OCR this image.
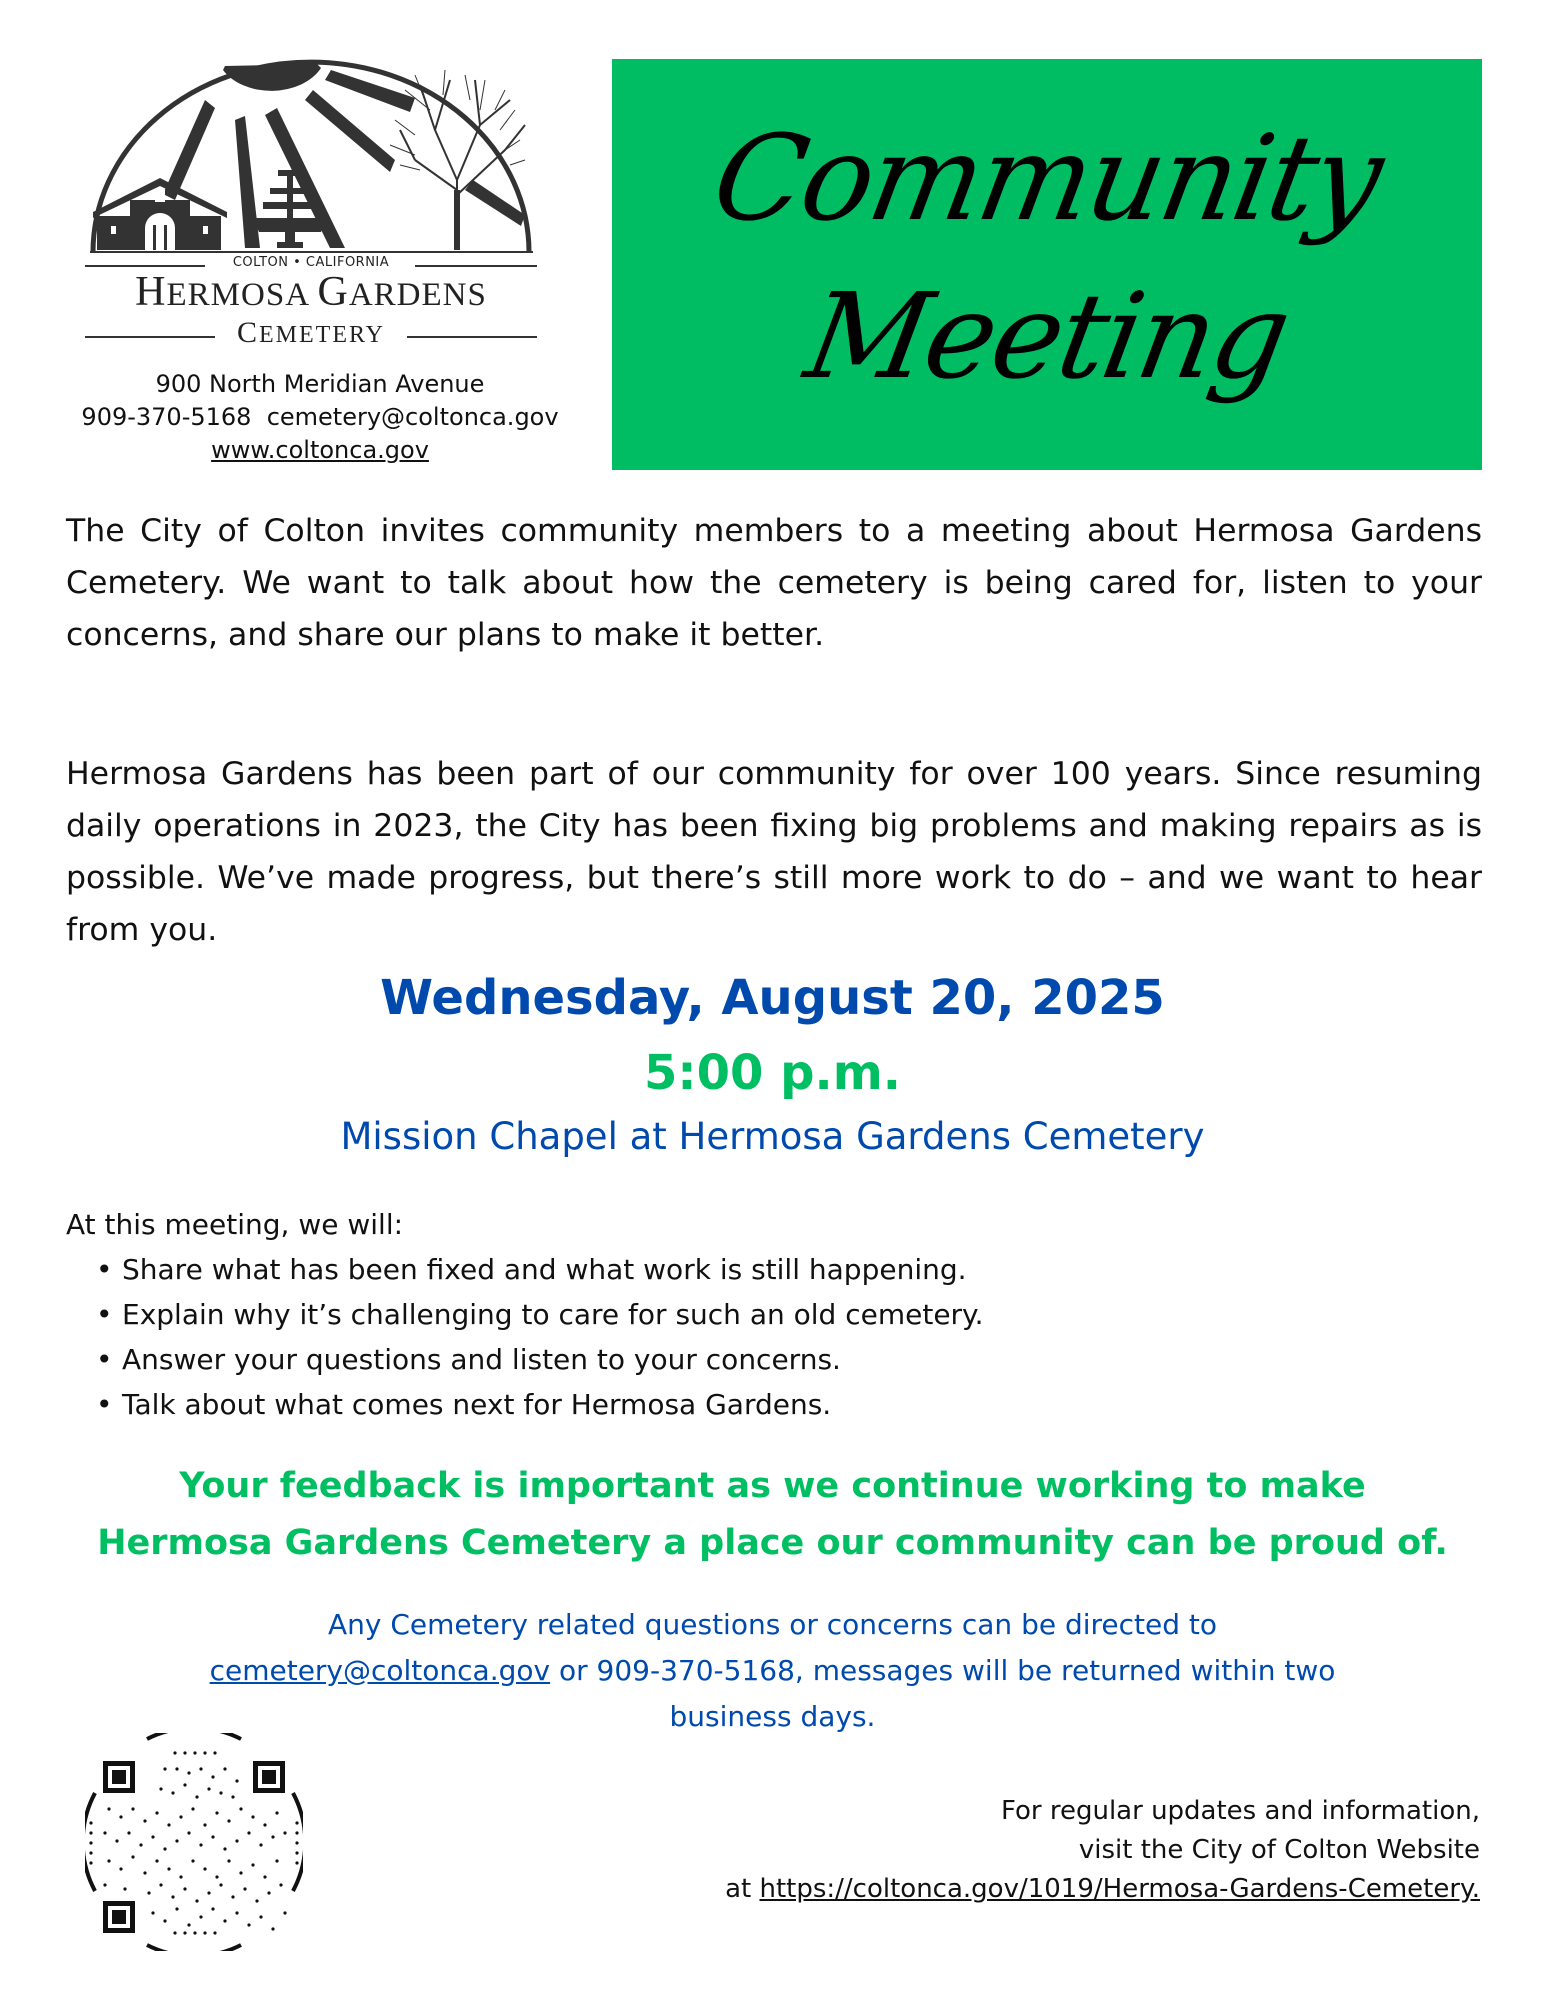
COLTON • CALIFORNIA
HERMOSA GARDENS
CEMETERY
900 North Meridian Avenue
909-370-5168 cemetery@coltonca.gov
www.coltonca.gov
Community
Meeting
The City of Colton invites community members to a meeting about Hermosa Gardens Cemetery. We want to talk about how the cemetery is being cared for, listen to your concerns, and share our plans to make it better.
Hermosa Gardens has been part of our community for over 100 years. Since resuming daily operations in 2023, the City has been fixing big problems and making repairs as is possible. We’ve made progress, but there’s still more work to do – and we want to hear from you.
Wednesday, August 20, 2025
5:00 p.m.
Mission Chapel at Hermosa Gardens Cemetery
At this meeting, we will:
• Share what has been fixed and what work is still happening.
• Explain why it’s challenging to care for such an old cemetery.
• Answer your questions and listen to your concerns.
• Talk about what comes next for Hermosa Gardens.
Your feedback is important as we continue working to make
Hermosa Gardens Cemetery a place our community can be proud of.
Any Cemetery related questions or concerns can be directed to
cemetery@coltonca.gov or 909-370-5168, messages will be returned within two
business days.
For regular updates and information,
visit the City of Colton Website
at https://coltonca.gov/1019/Hermosa-Gardens-Cemetery.
